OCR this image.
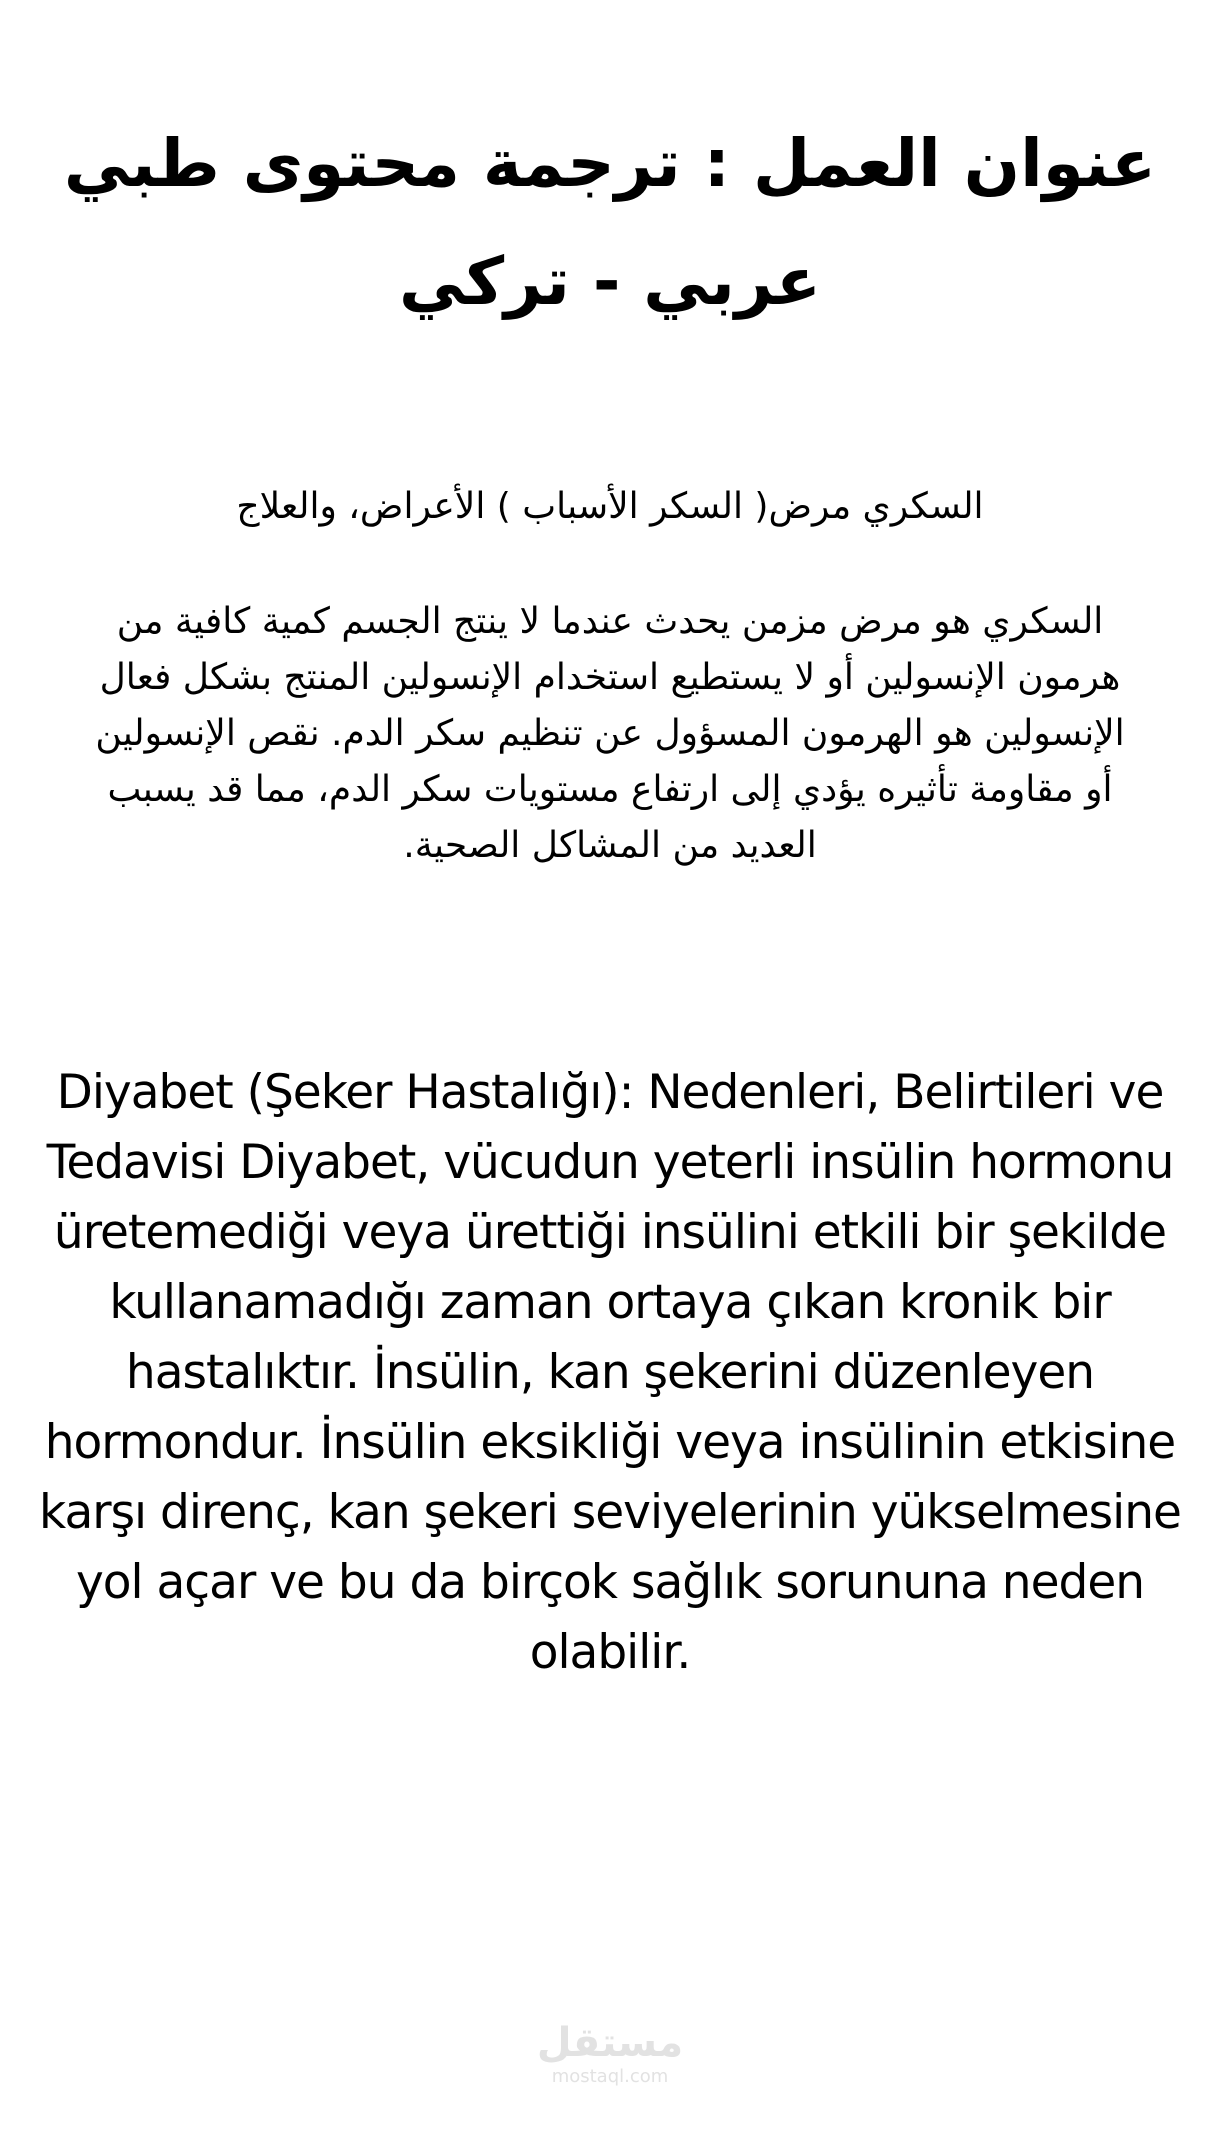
عنوان العمل : ترجمة محتوى طبي عربي - تركي

السكري مرض( السكر الأسباب ) الأعراض، والعلاج

السكري هو مرض مزمن يحدث عندما لا ينتج الجسم كمية كافية من هرمون الإنسولين أو لا يستطيع استخدام الإنسولين المنتج بشكل فعال الإنسولين هو الهرمون المسؤول عن تنظيم سكر الدم. نقص الإنسولين أو مقاومة تأثيره يؤدي إلى ارتفاع مستويات سكر الدم، مما قد يسبب العديد من المشاكل الصحية.

Diyabet (Şeker Hastalığı): Nedenleri, Belirtileri ve Tedavisi Diyabet, vücudun yeterli insülin hormonu üretemediği veya ürettiği insülini etkili bir şekilde kullanamadığı zaman ortaya çıkan kronik bir hastalıktır. İnsülin, kan şekerini düzenleyen hormondur. İnsülin eksikliği veya insülinin etkisine karşı direnç, kan şekeri seviyelerinin yükselmesine yol açar ve bu da birçok sağlık sorununa neden olabilir.

مستقل
mostaql.com
